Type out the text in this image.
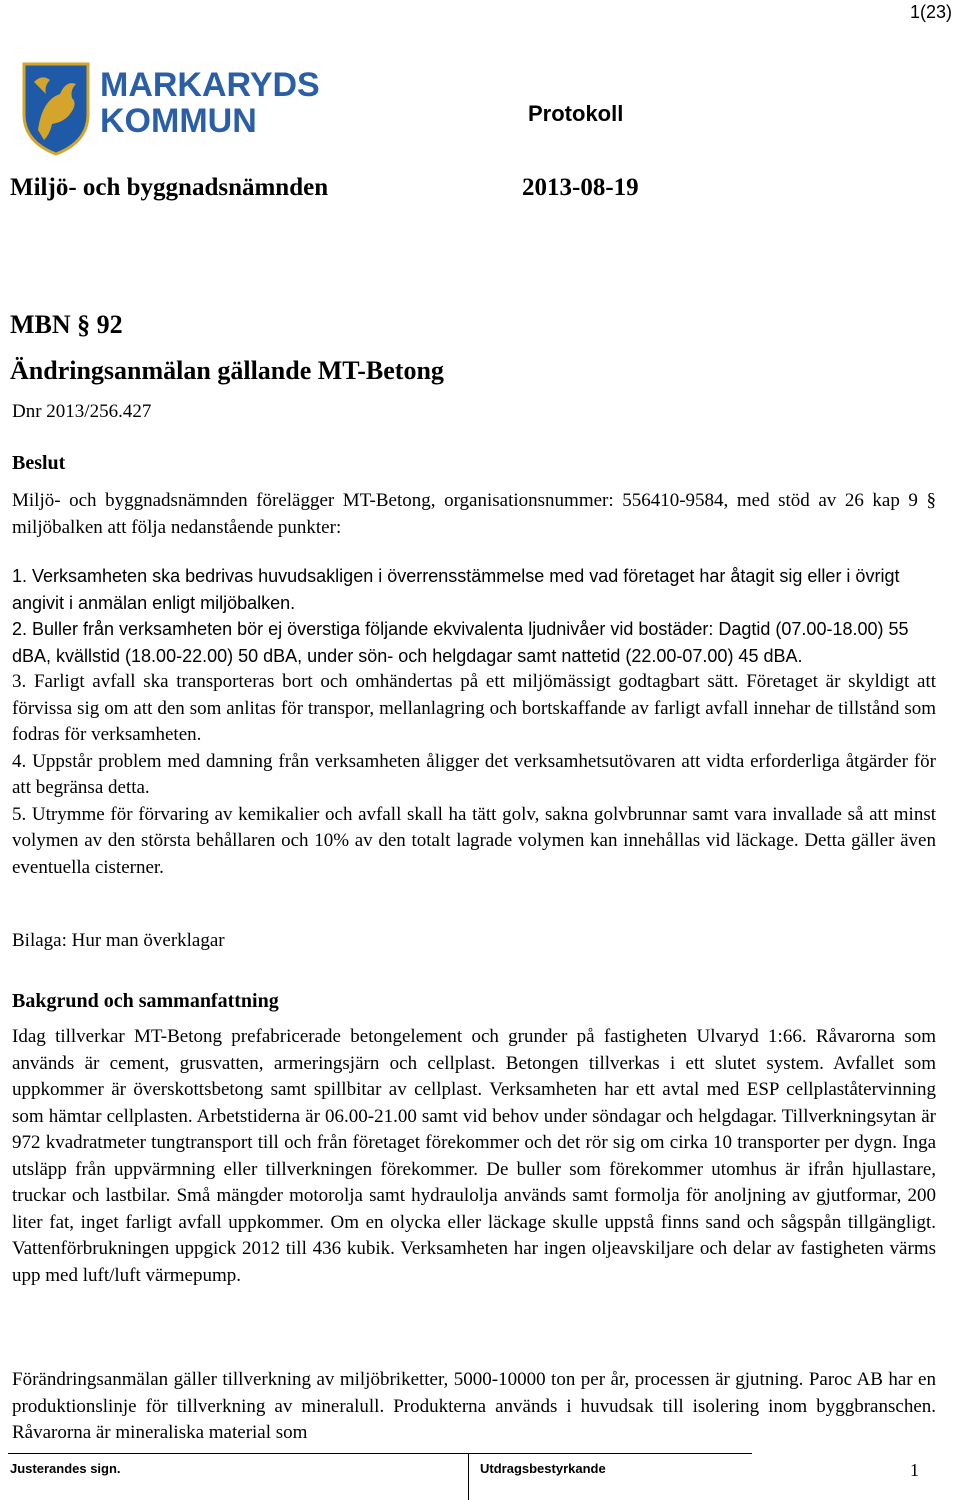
1(23)
MARKARYDS
KOMMUN	Protokoll
Miljö- och byggnadsnämnden	2013-08-19
MBN § 92
Ändringsanmälan gällande MT-Betong
Dnr 2013/256.427
Beslut

Miljö- och byggnadsnämnden förelägger MT-Betong, organisationsnummer: 556410-9584, med stöd av 26 kap 9 § miljöbalken att följa nedanstående punkter:

1. Verksamheten ska bedrivas huvudsakligen i överrensstämmelse med vad företaget har åtagit sig eller i övrigt angivit i anmälan enligt miljöbalken.

2. Buller från verksamheten bör ej överstiga följande ekvivalenta ljudnivåer vid bostäder: Dagtid (07.00-18.00) 55 dBA, kvällstid (18.00-22.00) 50 dBA, under sön- och helgdagar samt nattetid (22.00-07.00) 45 dBA.

3. Farligt avfall ska transporteras bort och omhändertas på ett miljömässigt godtagbart sätt. Företaget är skyldigt att förvissa sig om att den som anlitas för transpor, mellanlagring och bortskaffande av farligt avfall innehar de tillstånd som fodras för verksamheten.

4. Uppstår problem med damning från verksamheten åligger det verksamhetsutövaren att vidta erforderliga åtgärder för att begränsa detta.

5. Utrymme för förvaring av kemikalier och avfall skall ha tätt golv, sakna golvbrunnar samt vara invallade så att minst volymen av den största behållaren och 10% av den totalt lagrade volymen kan innehållas vid läckage. Detta gäller även eventuella cisterner.

Bilaga: Hur man överklagar
Bakgrund och sammanfattning

Idag tillverkar MT-Betong prefabricerade betongelement och grunder på fastigheten Ulvaryd 1:66. Råvarorna som används är cement, grusvatten, armeringsjärn och cellplast. Betongen tillverkas i ett slutet system. Avfallet som uppkommer är överskottsbetong samt spillbitar av cellplast. Verksamheten har ett avtal med ESP cellplaståtervinning som hämtar cellplasten. Arbetstiderna är 06.00-21.00 samt vid behov under söndagar och helgdagar. Tillverkningsytan är 972 kvadratmeter tungtransport till och från företaget förekommer och det rör sig om cirka 10 transporter per dygn. Inga utsläpp från uppvärmning eller tillverkningen förekommer. De buller som förekommer utomhus är ifrån hjullastare, truckar och lastbilar. Små mängder motorolja samt hydraulolja används samt formolja för anoljning av gjutformar, 200 liter fat, inget farligt avfall uppkommer. Om en olycka eller läckage skulle uppstå finns sand och sågspån tillgängligt. Vattenförbrukningen uppgick 2012 till 436 kubik. Verksamheten har ingen oljeavskiljare och delar av fastigheten värms upp med luft/luft värmepump.

Förändringsanmälan gäller tillverkning av miljöbriketter, 5000-10000 ton per år, processen är gjutning. Paroc AB har en produktionslinje för tillverkning av mineralull. Produkterna används i huvudsak till isolering inom byggbranschen. Råvarorna är mineraliska material som

Justerandes sign.	Utdragsbestyrkande	1
